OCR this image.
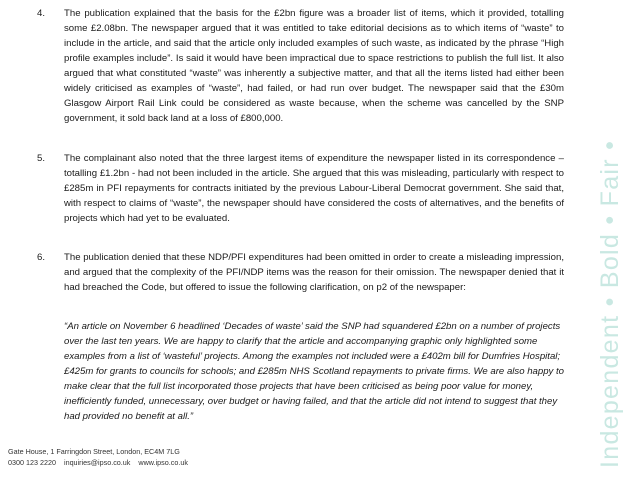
4. The publication explained that the basis for the £2bn figure was a broader list of items, which it provided, totalling some £2.08bn. The newspaper argued that it was entitled to take editorial decisions as to which items of “waste” to include in the article, and said that the article only included examples of such waste, as indicated by the phrase “High profile examples include”. Is said it would have been impractical due to space restrictions to publish the full list. It also argued that what constituted “waste” was inherently a subjective matter, and that all the items listed had either been widely criticised as examples of “waste”, had failed, or had run over budget. The newspaper said that the £30m Glasgow Airport Rail Link could be considered as waste because, when the scheme was cancelled by the SNP government, it sold back land at a loss of £800,000.
5. The complainant also noted that the three largest items of expenditure the newspaper listed in its correspondence – totalling £1.2bn - had not been included in the article. She argued that this was misleading, particularly with respect to £285m in PFI repayments for contracts initiated by the previous Labour-Liberal Democrat government. She said that, with respect to claims of “waste”, the newspaper should have considered the costs of alternatives, and the benefits of projects which had yet to be evaluated.
6. The publication denied that these NDP/PFI expenditures had been omitted in order to create a misleading impression, and argued that the complexity of the PFI/NDP items was the reason for their omission. The newspaper denied that it had breached the Code, but offered to issue the following clarification, on p2 of the newspaper:
“An article on November 6 headlined ‘Decades of waste’ said the SNP had squandered £2bn on a number of projects over the last ten years. We are happy to clarify that the article and accompanying graphic only highlighted some examples from a list of ‘wasteful’ projects. Among the examples not included were a £402m bill for Dumfries Hospital; £425m for grants to councils for schools; and £285m NHS Scotland repayments to private firms. We are also happy to make clear that the full list incorporated those projects that have been criticised as being poor value for money, inefficiently funded, unnecessary, over budget or having failed, and that the article did not intend to suggest that they had provided no benefit at all.”
Gate House, 1 Farringdon Street, London, EC4M 7LG
0300 123 2220 inquiries@ipso.co.uk www.ipso.co.uk	Independent • Bold • Fair •
